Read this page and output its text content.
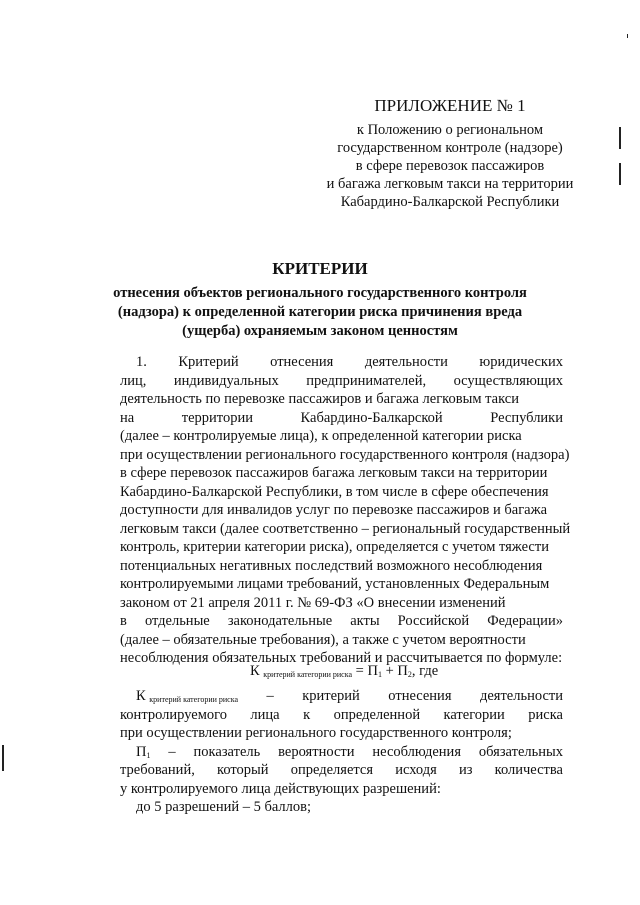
ПРИЛОЖЕНИЕ № 1
к Положению о региональном
государственном контроле (надзоре)
в сфере перевозок пассажиров
и багажа легковым такси на территории
Кабардино-Балкарской Республики
КРИТЕРИИ
отнесения объектов регионального государственного контроля
(надзора) к определенной категории риска причинения вреда
(ущерба) охраняемым законом ценностям
1. Критерий отнесения деятельности юридических
лиц, индивидуальных предпринимателей, осуществляющих
деятельность по перевозке пассажиров и багажа легковым такси
на	территории	Кабардино-Балкарской	Республики
(далее – контролируемые лица), к определенной категории риска
при осуществлении регионального государственного контроля (надзора)
в сфере перевозок пассажиров багажа легковым такси на территории
Кабардино-Балкарской Республики, в том числе в сфере обеспечения
доступности для инвалидов услуг по перевозке пассажиров и багажа
легковым такси (далее соответственно – региональный государственный
контроль, критерии категории риска), определяется с учетом тяжести
потенциальных негативных последствий возможного несоблюдения
контролируемыми лицами требований, установленных Федеральным
законом от 21 апреля 2011 г. № 69-ФЗ «О внесении изменений
в отдельные законодательные акты Российской Федерации»
(далее – обязательные требования), а также с учетом вероятности
несоблюдения обязательных требований и рассчитывается по формуле:
К $_{критерий категории риска} = П_1 + П_2$, где
К $_{критерий категории риска}$ – критерий отнесения деятельности
контролируемого лица к определенной категории риска
при осуществлении регионального государственного контроля;
$П_1$ – показатель вероятности несоблюдения обязательных
требований, который определяется исходя из количества
у контролируемого лица действующих разрешений:
до 5 разрешений – 5 баллов;
